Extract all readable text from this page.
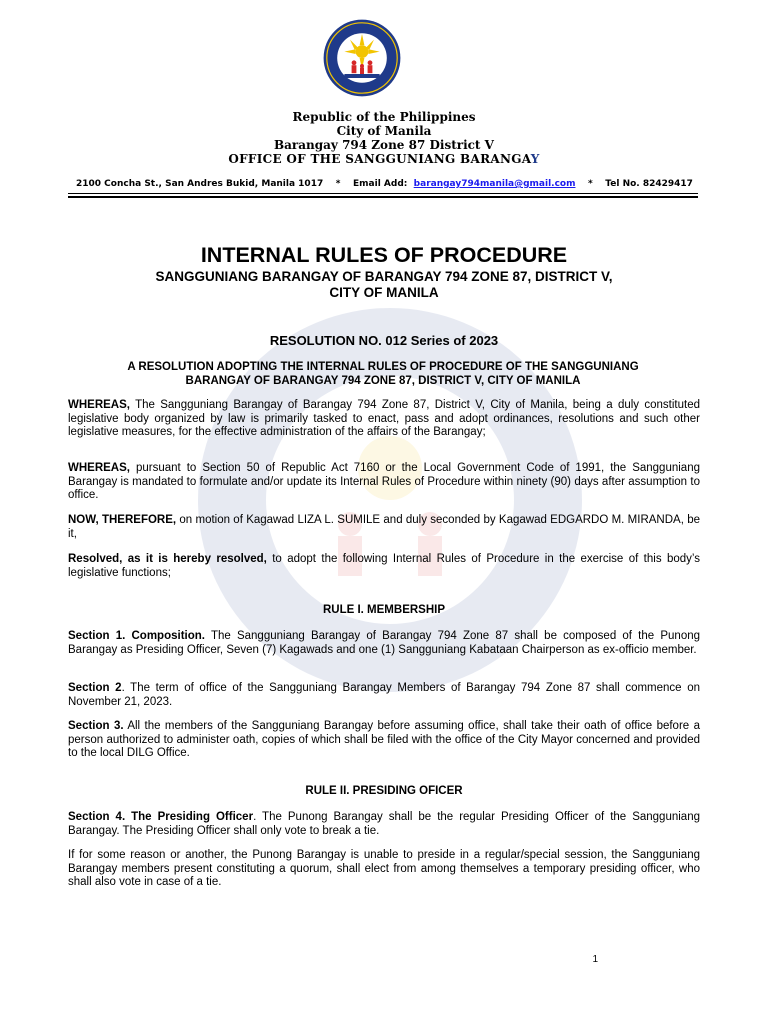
Republic of the Philippines
City of Manila
Barangay 794 Zone 87 District V
OFFICE OF THE SANGGUNIANG BARANGAY
2100 Concha St., San Andres Bukid, Manila 1017 * Email Add: barangay794manila@gmail.com * Tel No. 82429417
INTERNAL RULES OF PROCEDURE
SANGGUNIANG BARANGAY OF BARANGAY 794 ZONE 87, DISTRICT V,
CITY OF MANILA
RESOLUTION NO. 012 Series of 2023
A RESOLUTION ADOPTING THE INTERNAL RULES OF PROCEDURE OF THE SANGGUNIANG
BARANGAY OF BARANGAY 794 ZONE 87, DISTRICT V, CITY OF MANILA
WHEREAS, The Sangguniang Barangay of Barangay 794 Zone 87, District V, City of Manila, being a duly constituted legislative body organized by law is primarily tasked to enact, pass and adopt ordinances, resolutions and such other legislative measures, for the effective administration of the affairs of the Barangay;
WHEREAS, pursuant to Section 50 of Republic Act 7160 or the Local Government Code of 1991, the Sangguniang Barangay is mandated to formulate and/or update its Internal Rules of Procedure within ninety (90) days after assumption to office.
NOW, THEREFORE, on motion of Kagawad LIZA L. SUMILE and duly seconded by Kagawad EDGARDO M. MIRANDA, be it,
Resolved, as it is hereby resolved, to adopt the following Internal Rules of Procedure in the exercise of this body’s legislative functions;
RULE I. MEMBERSHIP
Section 1. Composition. The Sangguniang Barangay of Barangay 794 Zone 87 shall be composed of the Punong Barangay as Presiding Officer, Seven (7) Kagawads and one (1) Sangguniang Kabataan Chairperson as ex-officio member.
Section 2. The term of office of the Sangguniang Barangay Members of Barangay 794 Zone 87 shall commence on November 21, 2023.
Section 3. All the members of the Sangguniang Barangay before assuming office, shall take their oath of office before a person authorized to administer oath, copies of which shall be filed with the office of the City Mayor concerned and provided to the local DILG Office.
RULE II. PRESIDING OFICER
Section 4. The Presiding Officer. The Punong Barangay shall be the regular Presiding Officer of the Sangguniang Barangay. The Presiding Officer shall only vote to break a tie.
If for some reason or another, the Punong Barangay is unable to preside in a regular/special session, the Sangguniang Barangay members present constituting a quorum, shall elect from among themselves a temporary presiding officer, who shall also vote in case of a tie.
1
